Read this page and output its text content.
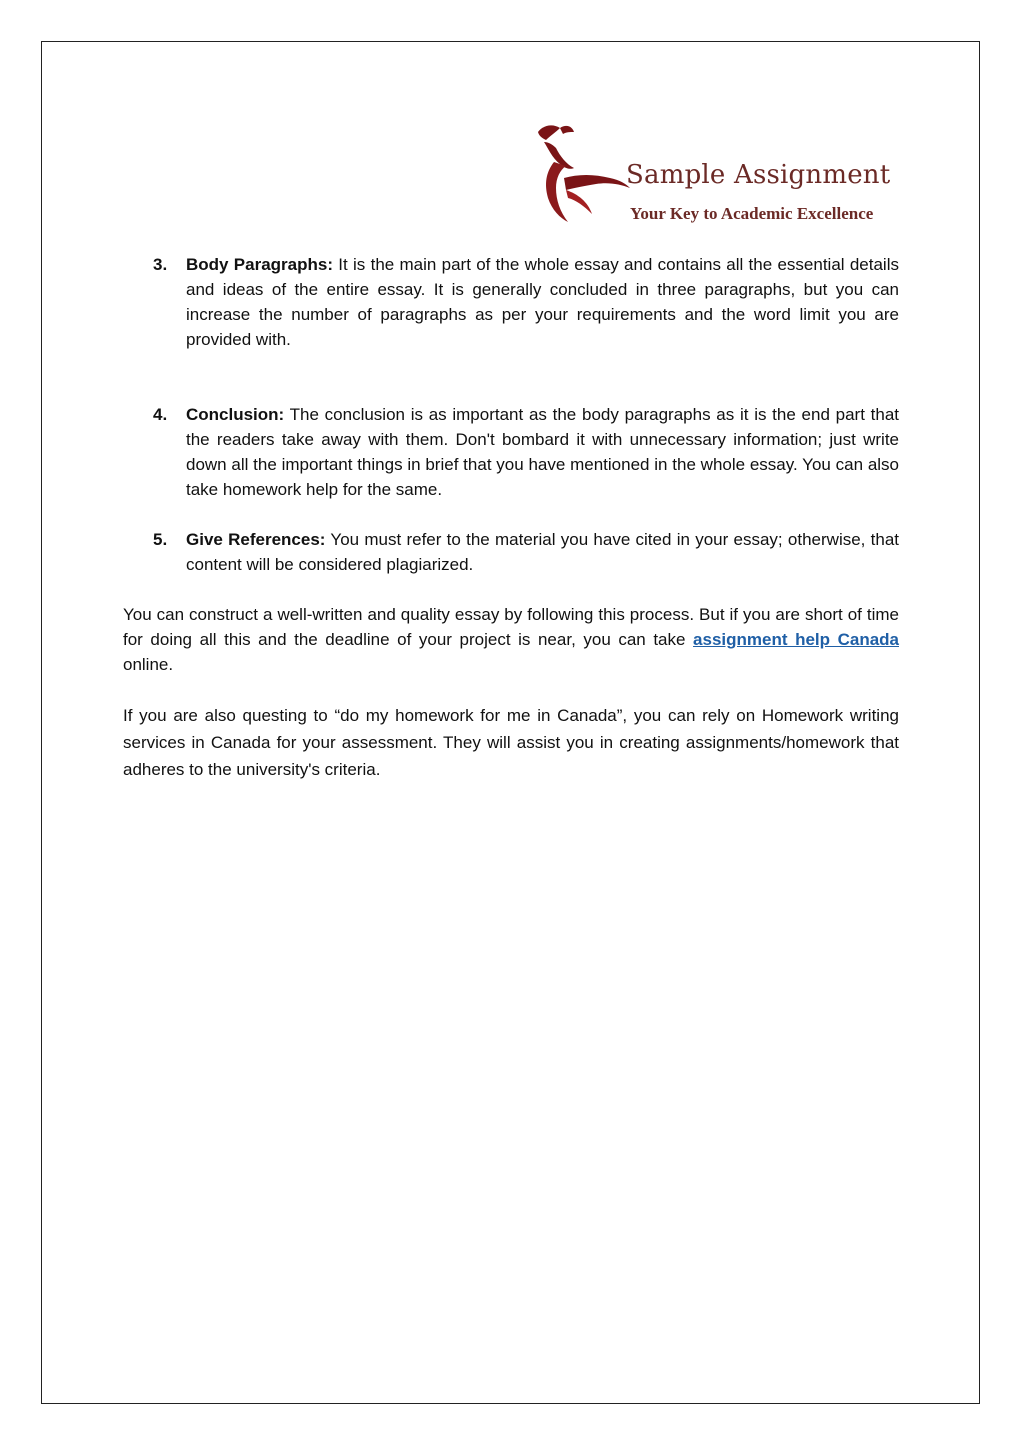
Sample Assignment
Your Key to Academic Excellence
3. Body Paragraphs: It is the main part of the whole essay and contains all the essential details and ideas of the entire essay. It is generally concluded in three paragraphs, but you can increase the number of paragraphs as per your requirements and the word limit you are provided with.
4. Conclusion: The conclusion is as important as the body paragraphs as it is the end part that the readers take away with them. Don't bombard it with unnecessary information; just write down all the important things in brief that you have mentioned in the whole essay. You can also take homework help for the same.
5. Give References: You must refer to the material you have cited in your essay; otherwise, that content will be considered plagiarized.

You can construct a well-written and quality essay by following this process. But if you are short of time for doing all this and the deadline of your project is near, you can take assignment help Canada online.

If you are also questing to “do my homework for me in Canada”, you can rely on Homework writing services in Canada for your assessment. They will assist you in creating assignments/homework that adheres to the university's criteria.
